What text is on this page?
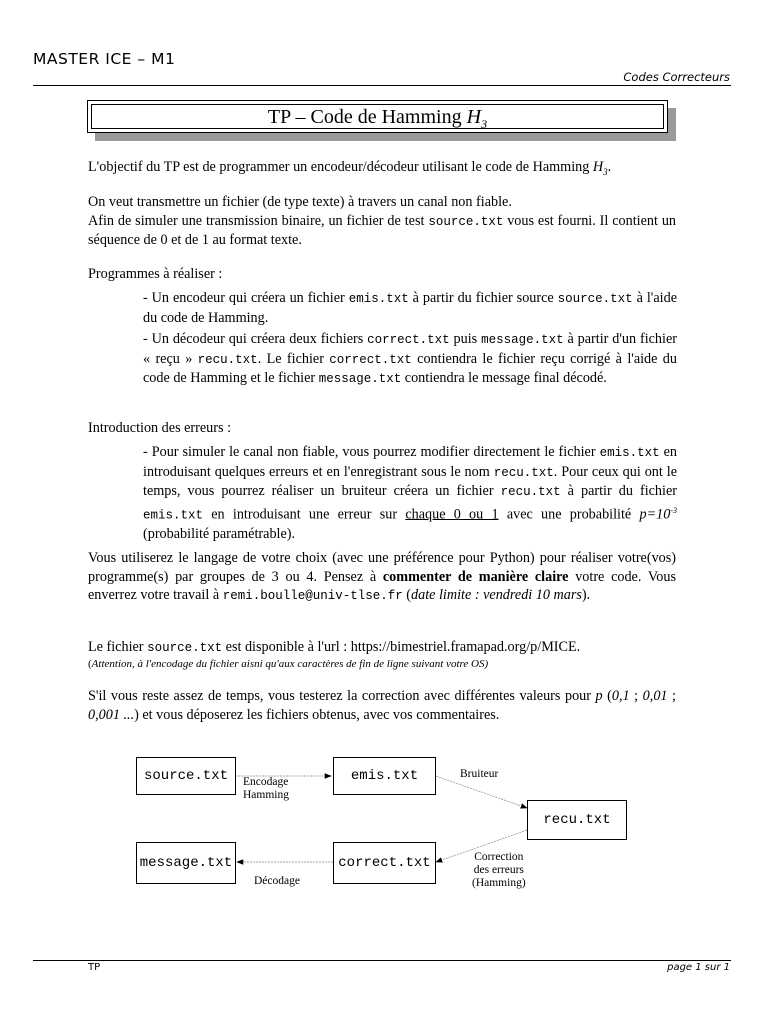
MASTER ICE – M1
Codes Correcteurs
TP – Code de Hamming $H_3$
L'objectif du TP est de programmer un encodeur/décodeur utilisant le code de Hamming $H_3$.
On veut transmettre un fichier (de type texte) à travers un canal non fiable.
Afin de simuler une transmission binaire, un fichier de test source.txt vous est fourni. Il contient un séquence de 0 et de 1 au format texte.
Programmes à réaliser :
- Un encodeur qui créera un fichier emis.txt à partir du fichier source source.txt à l'aide du code de Hamming.
- Un décodeur qui créera deux fichiers correct.txt puis message.txt à partir d'un fichier « reçu » recu.txt. Le fichier correct.txt contiendra le fichier reçu corrigé à l'aide du code de Hamming et le fichier message.txt contiendra le message final décodé.
Introduction des erreurs :
- Pour simuler le canal non fiable, vous pourrez modifier directement le fichier emis.txt en introduisant quelques erreurs et en l'enregistrant sous le nom recu.txt. Pour ceux qui ont le temps, vous pourrez réaliser un bruiteur créera un fichier recu.txt à partir du fichier emis.txt en introduisant une erreur sur chaque 0 ou 1 avec une probabilité $p=10^{-3}$ (probabilité paramétrable).
Vous utiliserez le langage de votre choix (avec une préférence pour Python) pour réaliser votre(vos) programme(s) par groupes de 3 ou 4. Pensez à commenter de manière claire votre code. Vous enverrez votre travail à remi.boulle@univ-tlse.fr (date limite : vendredi 10 mars).
Le fichier source.txt est disponible à l'url : https://bimestriel.framapad.org/p/MICE.
(Attention, à l'encodage du fichier aisni qu'aux caractères de fin de ligne suivant votre OS)
S'il vous reste assez de temps, vous testerez la correction avec différentes valeurs pour p (0,1 ; 0,01 ; 0,001 ...) et vous déposerez les fichiers obtenus, avec vos commentaires.
source.txt	emis.txt
recu.txt
correct.txt
message.txt
Encodage
Hamming
Bruiteur
Correction
des erreurs
(Hamming)
Décodage
TP	page 1 sur 1
